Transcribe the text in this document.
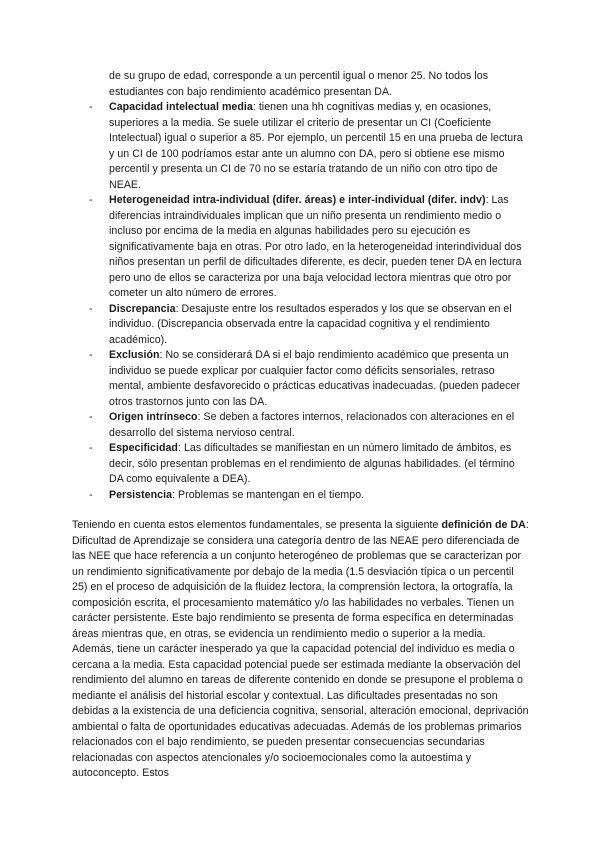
de su grupo de edad, corresponde a un percentil igual o menor 25. No todos los estudiantes con bajo rendimiento académico presentan DA.

- Capacidad intelectual media: tienen una hh cognitivas medias y, en ocasiones, superiores a la media. Se suele utilizar el criterio de presentar un CI (Coeficiente Intelectual) igual o superior a 85. Por ejemplo, un percentil 15 en una prueba de lectura y un CI de 100 podríamos estar ante un alumno con DA, pero si obtiene ese mismo percentil y presenta un CI de 70 no se estaría tratando de un niño con otro tipo de NEAE.
- Heterogeneidad intra-individual (difer. áreas) e inter-individual (difer. indv): Las diferencias intraindividuales implican que un niño presenta un rendimiento medio o incluso por encima de la media en algunas habilidades pero su ejecución es significativamente baja en otras. Por otro lado, en la heterogeneidad interindividual dos niños presentan un perfil de dificultades diferente, es decir, pueden tener DA en lectura pero uno de ellos se caracteriza por una baja velocidad lectora mientras que otro por cometer un alto número de errores.
- Discrepancia: Desajuste entre los resultados esperados y los que se observan en el individuo. (Discrepancia observada entre la capacidad cognitiva y el rendimiento académico).
- Exclusión: No se considerará DA si el bajo rendimiento académico que presenta un individuo se puede explicar por cualquier factor como déficits sensoriales, retraso mental, ambiente desfavorecido o prácticas educativas inadecuadas. (pueden padecer otros trastornos junto con las DA.
- Origen intrínseco: Se deben a factores internos, relacionados con alteraciones en el desarrollo del sistema nervioso central.
- Especificidad: Las dificultades se manifiestan en un número limitado de ámbitos, es decir, sólo presentan problemas en el rendimiento de algunas habilidades. (el término DA como equivalente a DEA).
- Persistencia: Problemas se mantengan en el tiempo.

Teniendo en cuenta estos elementos fundamentales, se presenta la siguiente definición de DA:

Dificultad de Aprendizaje se considera una categoría dentro de las NEAE pero diferenciada de las NEE que hace referencia a un conjunto heterogéneo de problemas que se caracterizan por un rendimiento significativamente por debajo de la media (1.5 desviación típica o un percentil 25) en el proceso de adquisición de la fluidez lectora, la comprensión lectora, la ortografía, la composición escrita, el procesamiento matemático y/o las habilidades no verbales. Tienen un carácter persistente. Este bajo rendimiento se presenta de forma específica en determinadas áreas mientras que, en otras, se evidencia un rendimiento medio o superior a la media. Además, tiene un carácter inesperado ya que la capacidad potencial del individuo es media o cercana a la media. Esta capacidad potencial puede ser estimada mediante la observación del rendimiento del alumno en tareas de diferente contenido en donde se presupone el problema o mediante el análisis del historial escolar y contextual. Las dificultades presentadas no son debidas a la existencia de una deficiencia cognitiva, sensorial, alteración emocional, deprivación ambiental o falta de oportunidades educativas adecuadas. Además de los problemas primarios relacionados con el bajo rendimiento, se pueden presentar consecuencias secundarias relacionadas con aspectos atencionales y/o socioemocionales como la autoestima y autoconcepto. Estos
